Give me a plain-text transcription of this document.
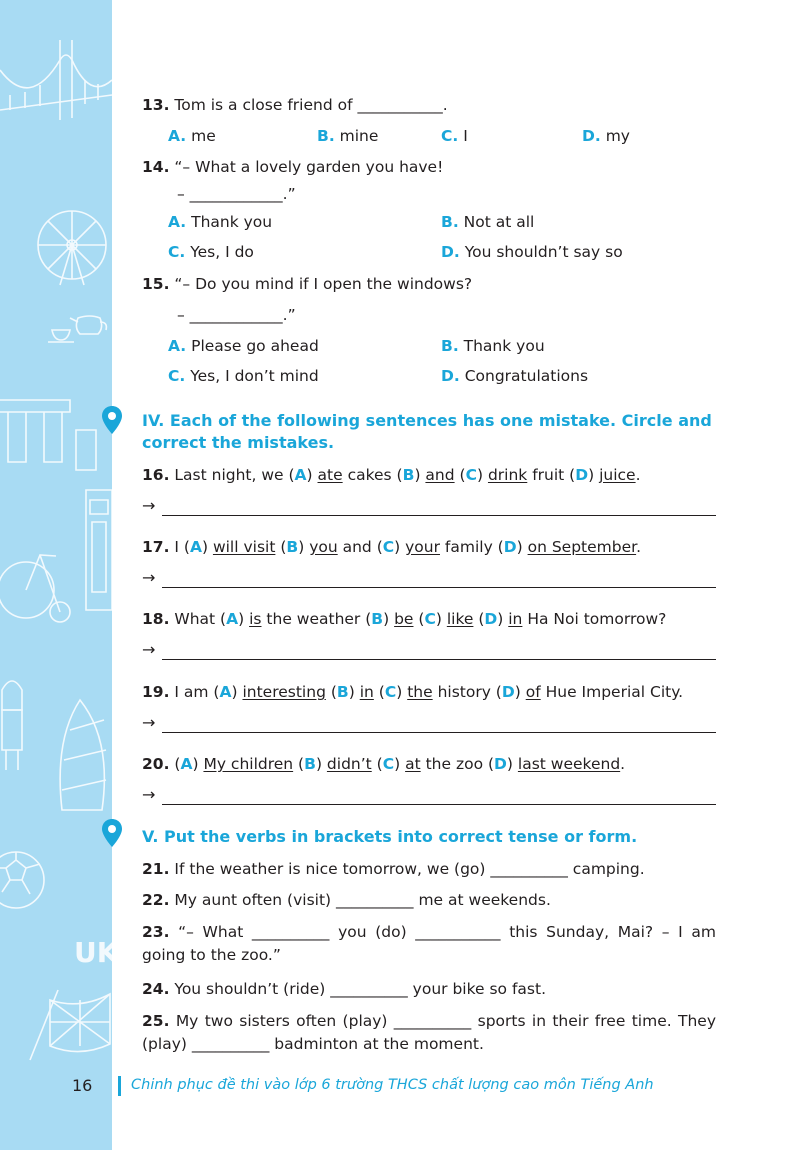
UK
13. Tom is a close friend of ___________.
A. me	B. mine	C. I	D. my
14. “– What a lovely garden you have!
– ____________.”
A. Thank you	B. Not at all
C. Yes, I do	D. You shouldn’t say so
15. “– Do you mind if I open the windows?
– ____________.”
A. Please go ahead	B. Thank you
C. Yes, I don’t mind	D. Congratulations
IV. Each of the following sentences has one mistake. Circle and correct the mistakes.
16. Last night, we (A) ate cakes (B) and (C) drink fruit (D) juice.
→
17. I (A) will visit (B) you and (C) your family (D) on September.
→
18. What (A) is the weather (B) be (C) like (D) in Ha Noi tomorrow?
→
19. I am (A) interesting (B) in (C) the history (D) of Hue Imperial City.
→
20. (A) My children (B) didn’t (C) at the zoo (D) last weekend.
→
V. Put the verbs in brackets into correct tense or form.
21. If the weather is nice tomorrow, we (go) __________ camping.
22. My aunt often (visit) __________ me at weekends.
23. “– What __________ you (do) ___________ this Sunday, Mai? – I am going to the zoo.”
24. You shouldn’t (ride) __________ your bike so fast.
25. My two sisters often (play) __________ sports in their free time. They (play) __________ badminton at the moment.
16	Chinh phục đề thi vào lớp 6 trường THCS chất lượng cao môn Tiếng Anh
